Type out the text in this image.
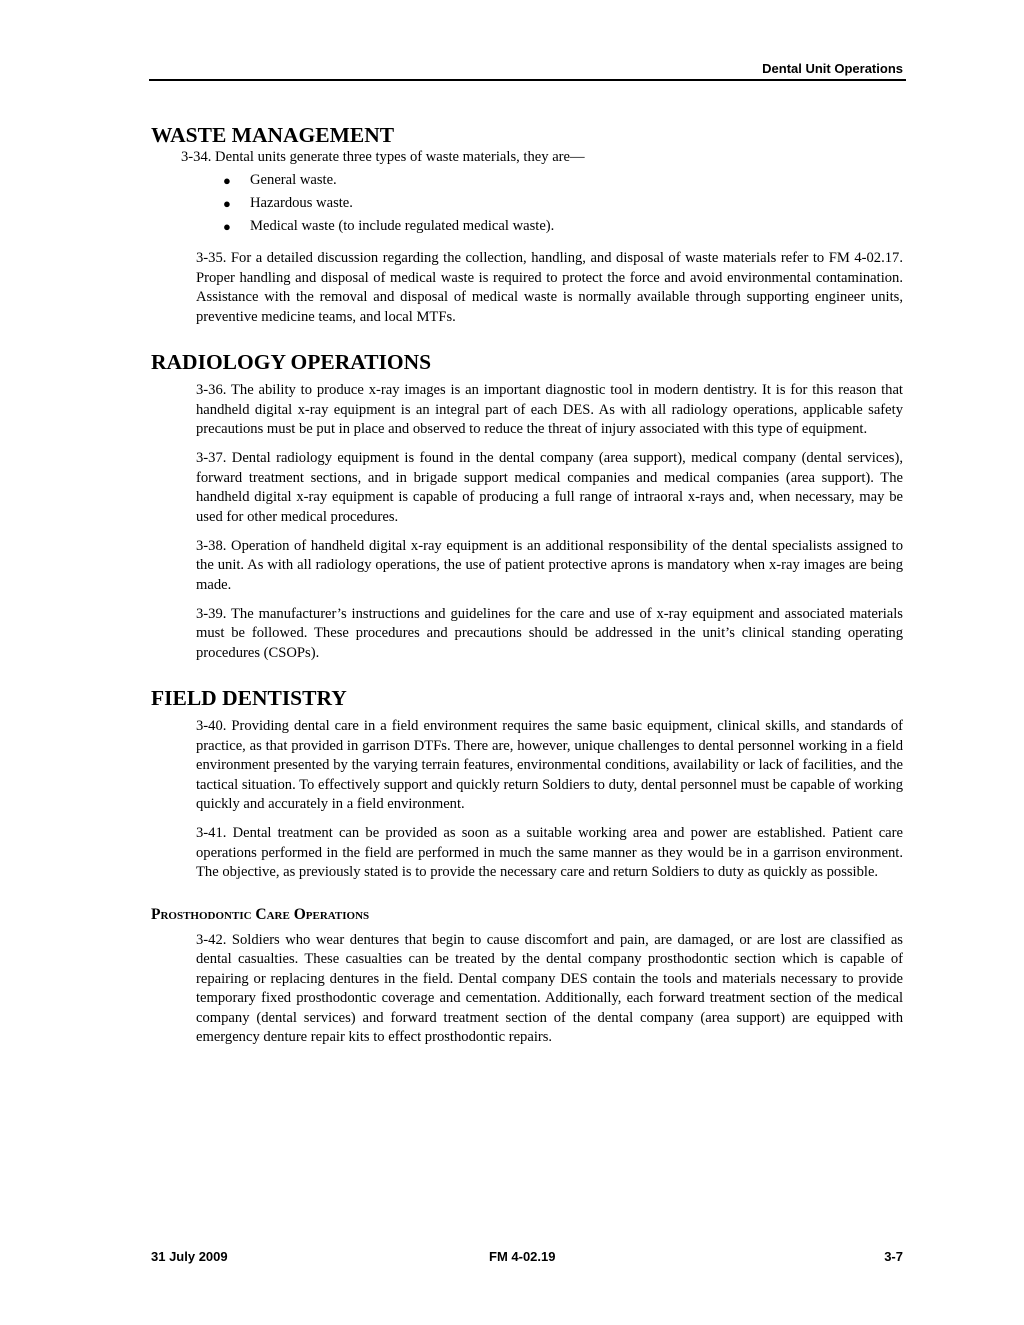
Dental Unit Operations
WASTE MANAGEMENT

3-34. Dental units generate three types of waste materials, they are—

● General waste.
● Hazardous waste.
● Medical waste (to include regulated medical waste).

3-35. For a detailed discussion regarding the collection, handling, and disposal of waste materials refer to FM 4-02.17. Proper handling and disposal of medical waste is required to protect the force and avoid environmental contamination. Assistance with the removal and disposal of medical waste is normally available through supporting engineer units, preventive medicine teams, and local MTFs.

RADIOLOGY OPERATIONS

3-36. The ability to produce x-ray images is an important diagnostic tool in modern dentistry. It is for this reason that handheld digital x-ray equipment is an integral part of each DES. As with all radiology operations, applicable safety precautions must be put in place and observed to reduce the threat of injury associated with this type of equipment.

3-37. Dental radiology equipment is found in the dental company (area support), medical company (dental services), forward treatment sections, and in brigade support medical companies and medical companies (area support). The handheld digital x-ray equipment is capable of producing a full range of intraoral x-rays and, when necessary, may be used for other medical procedures.

3-38. Operation of handheld digital x-ray equipment is an additional responsibility of the dental specialists assigned to the unit. As with all radiology operations, the use of patient protective aprons is mandatory when x-ray images are being made.

3-39. The manufacturer’s instructions and guidelines for the care and use of x-ray equipment and associated materials must be followed. These procedures and precautions should be addressed in the unit’s clinical standing operating procedures (CSOPs).

FIELD DENTISTRY

3-40. Providing dental care in a field environment requires the same basic equipment, clinical skills, and standards of practice, as that provided in garrison DTFs. There are, however, unique challenges to dental personnel working in a field environment presented by the varying terrain features, environmental conditions, availability or lack of facilities, and the tactical situation. To effectively support and quickly return Soldiers to duty, dental personnel must be capable of working quickly and accurately in a field environment.

3-41. Dental treatment can be provided as soon as a suitable working area and power are established. Patient care operations performed in the field are performed in much the same manner as they would be in a garrison environment. The objective, as previously stated is to provide the necessary care and return Soldiers to duty as quickly as possible.

Prosthodontic Care Operations

3-42. Soldiers who wear dentures that begin to cause discomfort and pain, are damaged, or are lost are classified as dental casualties. These casualties can be treated by the dental company prosthodontic section which is capable of repairing or replacing dentures in the field. Dental company DES contain the tools and materials necessary to provide temporary fixed prosthodontic coverage and cementation. Additionally, each forward treatment section of the medical company (dental services) and forward treatment section of the dental company (area support) are equipped with emergency denture repair kits to effect prosthodontic repairs.

31 July 2009	FM 4-02.19	3-7
